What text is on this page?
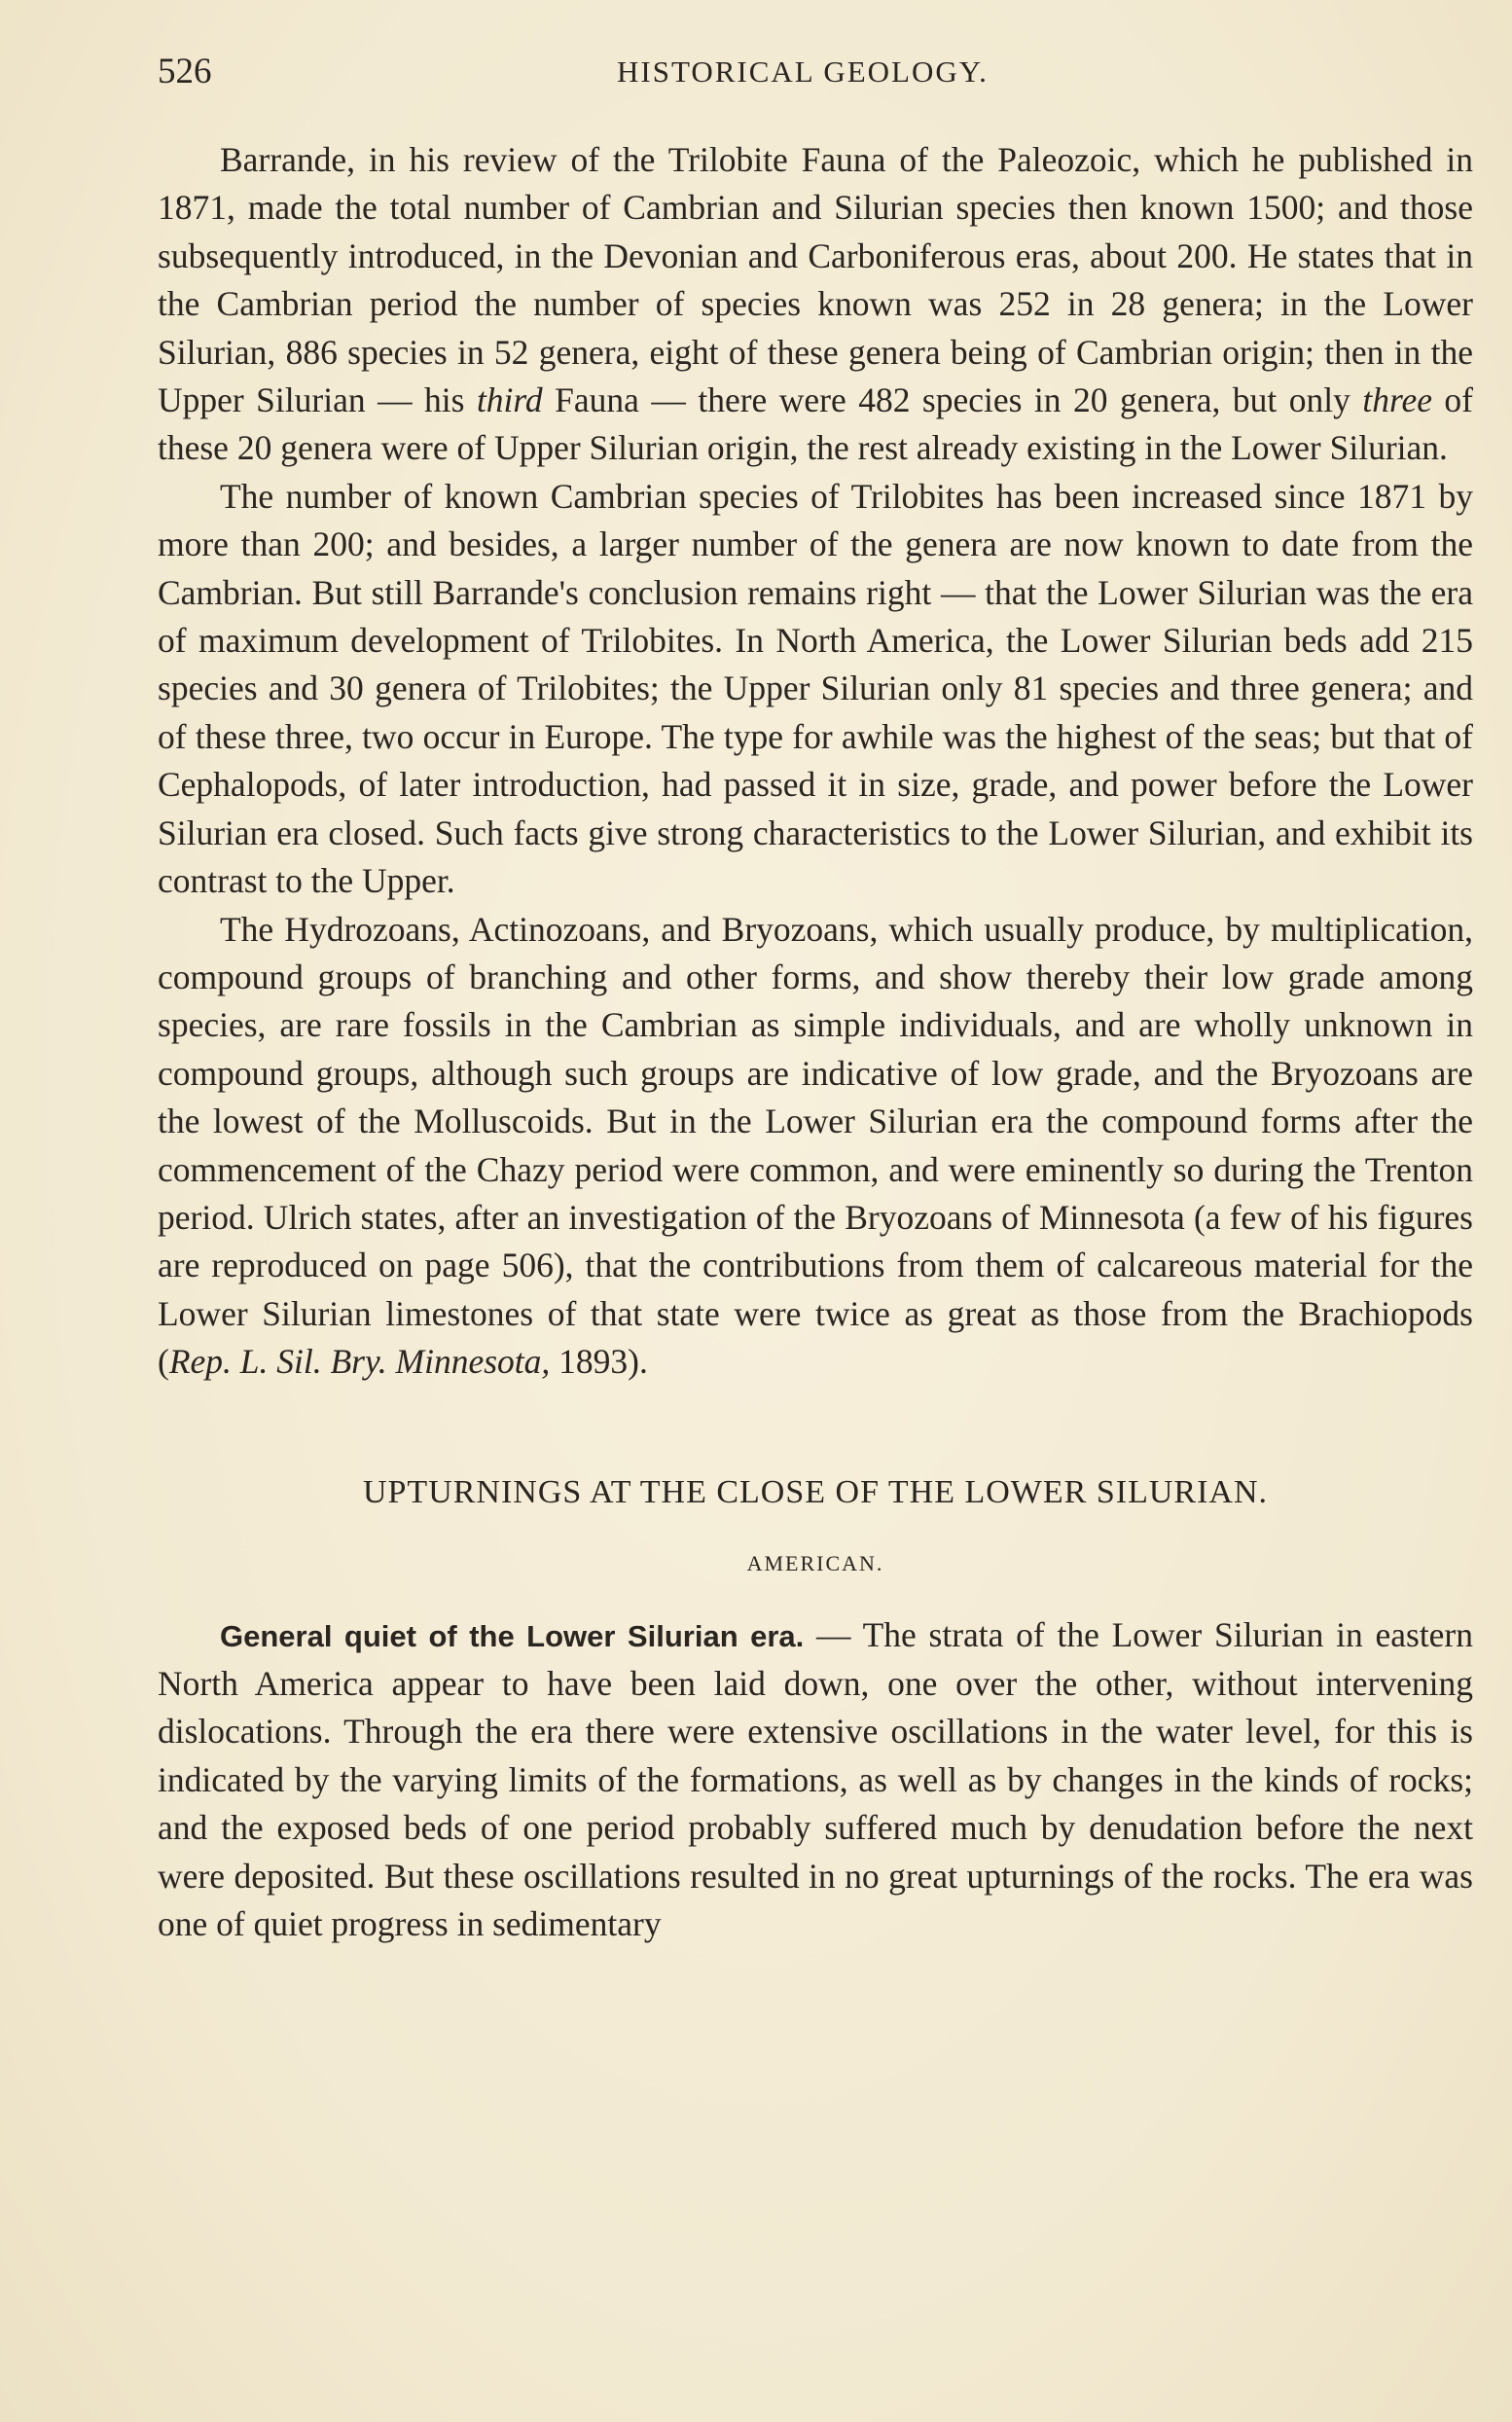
526	HISTORICAL GEOLOGY.

Barrande, in his review of the Trilobite Fauna of the Paleozoic, which he published in 1871, made the total number of Cambrian and Silurian species then known 1500; and those subsequently introduced, in the Devonian and Carboniferous eras, about 200. He states that in the Cambrian period the number of species known was 252 in 28 genera; in the Lower Silurian, 886 species in 52 genera, eight of these genera being of Cambrian origin; then in the Upper Silurian — his third Fauna — there were 482 species in 20 genera, but only three of these 20 genera were of Upper Silurian origin, the rest already existing in the Lower Silurian.

The number of known Cambrian species of Trilobites has been increased since 1871 by more than 200; and besides, a larger number of the genera are now known to date from the Cambrian. But still Barrande's conclusion remains right — that the Lower Silurian was the era of maximum development of Trilobites. In North America, the Lower Silurian beds add 215 species and 30 genera of Trilobites; the Upper Silurian only 81 species and three genera; and of these three, two occur in Europe. The type for awhile was the highest of the seas; but that of Cephalopods, of later introduction, had passed it in size, grade, and power before the Lower Silurian era closed. Such facts give strong characteristics to the Lower Silurian, and exhibit its contrast to the Upper.

The Hydrozoans, Actinozoans, and Bryozoans, which usually produce, by multiplication, compound groups of branching and other forms, and show thereby their low grade among species, are rare fossils in the Cambrian as simple individuals, and are wholly unknown in compound groups, although such groups are indicative of low grade, and the Bryozoans are the lowest of the Molluscoids. But in the Lower Silurian era the compound forms after the commencement of the Chazy period were common, and were eminently so during the Trenton period. Ulrich states, after an investigation of the Bryozoans of Minnesota (a few of his figures are reproduced on page 506), that the contributions from them of calcareous material for the Lower Silurian limestones of that state were twice as great as those from the Brachiopods (Rep. L. Sil. Bry. Minnesota, 1893).

UPTURNINGS AT THE CLOSE OF THE LOWER SILURIAN.
AMERICAN.

General quiet of the Lower Silurian era. — The strata of the Lower Silurian in eastern North America appear to have been laid down, one over the other, without intervening dislocations. Through the era there were extensive oscillations in the water level, for this is indicated by the varying limits of the formations, as well as by changes in the kinds of rocks; and the exposed beds of one period probably suffered much by denudation before the next were deposited. But these oscillations resulted in no great upturnings of the rocks. The era was one of quiet progress in sedimentary
